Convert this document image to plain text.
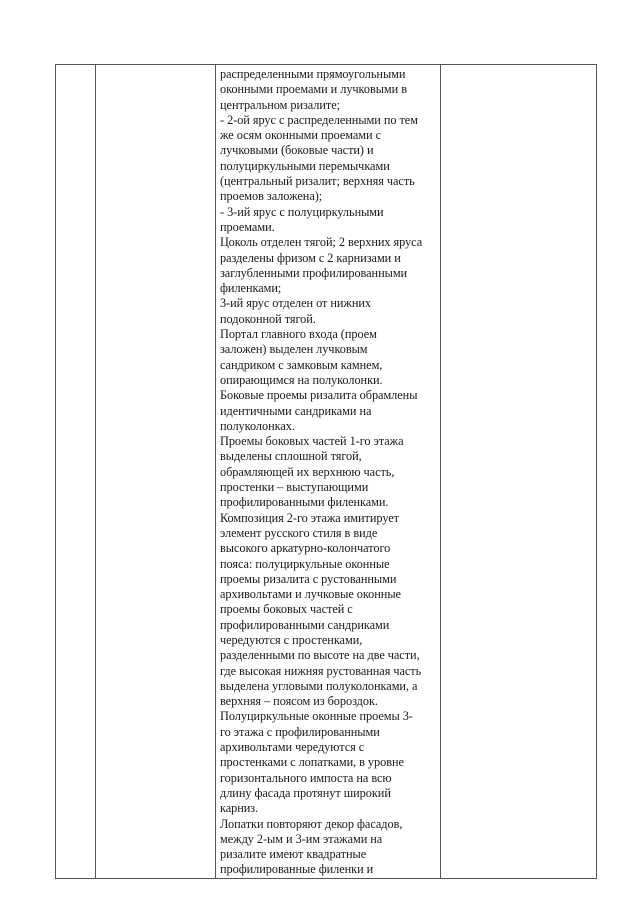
распределенными прямоугольными
оконными проемами и лучковыми в
центральном ризалите;
- 2-ой ярус с распределенными по тем
же осям оконными проемами с
лучковыми (боковые части) и
полуциркульными перемычками
(центральный ризалит; верхняя часть
проемов заложена);
- 3-ий ярус с полуциркульными
проемами.
Цоколь отделен тягой; 2 верхних яруса
разделены фризом с 2 карнизами и
заглубленными профилированными
филенками;
3-ий ярус отделен от нижних
подоконной тягой.
Портал главного входа (проем
заложен) выделен лучковым
сандриком с замковым камнем,
опирающимся на полуколонки.
Боковые проемы ризалита обрамлены
идентичными сандриками на
полуколонках.
Проемы боковых частей 1-го этажа
выделены сплошной тягой,
обрамляющей их верхнюю часть,
простенки – выступающими
профилированными филенками.
Композиция 2-го этажа имитирует
элемент русского стиля в виде
высокого аркатурно-колончатого
пояса: полуциркульные оконные
проемы ризалита с рустованными
архивольтами и лучковые оконные
проемы боковых частей с
профилированными сандриками
чередуются с простенками,
разделенными по высоте на две части,
где высокая нижняя рустованная часть
выделена угловыми полуколонками, а
верхняя – поясом из бороздок.
Полуциркульные оконные проемы 3-
го этажа с профилированными
архивольтами чередуются с
простенками с лопатками, в уровне
горизонтального импоста на всю
длину фасада протянут широкий
карниз.
Лопатки повторяют декор фасадов,
между 2-ым и 3-им этажами на
ризалите имеют квадратные
профилированные филенки и
